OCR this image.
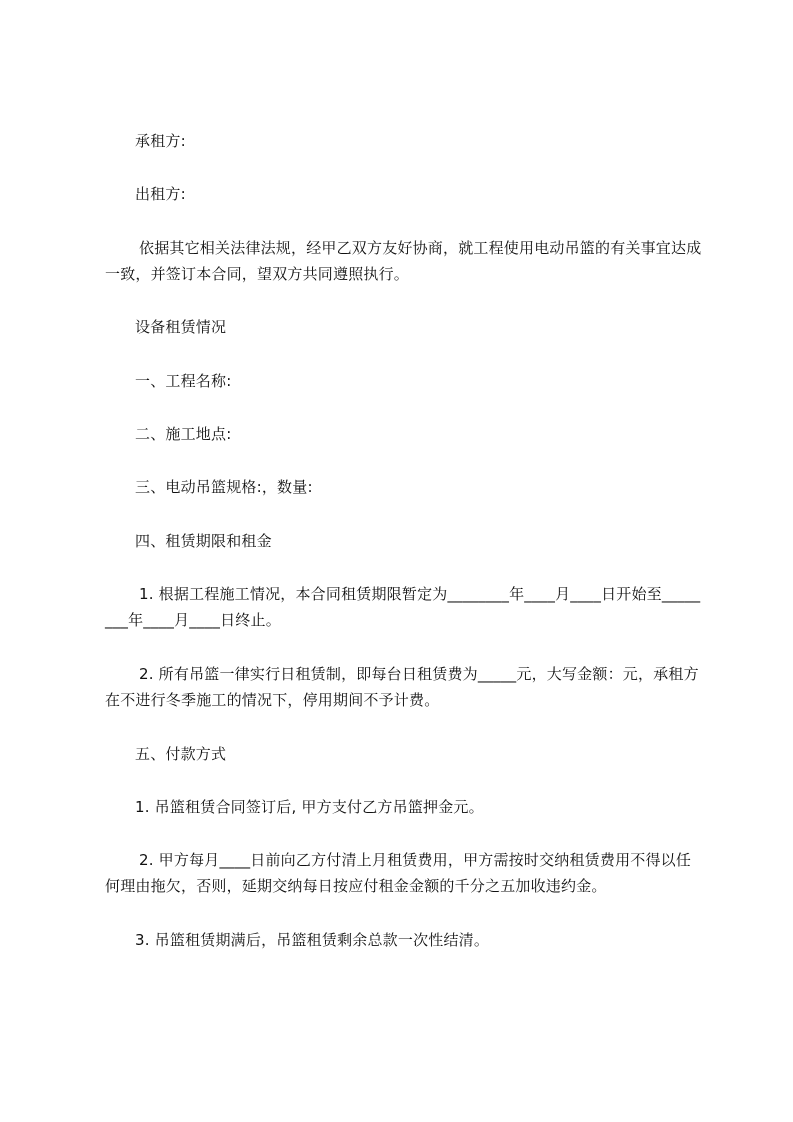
承租方:
出租方:
依据其它相关法律法规，经甲乙双方友好协商，就工程使用电动吊篮的有关事宜达成一致，并签订本合同，望双方共同遵照执行。
设备租赁情况
一、工程名称:
二、施工地点:
三、电动吊篮规格:，数量:
四、租赁期限和租金
1. 根据工程施工情况，本合同租赁期限暂定为________年____月____日开始至________年____月____日终止。
2. 所有吊篮一律实行日租赁制，即每台日租赁费为_____元，大写金额：元，承租方在不进行冬季施工的情况下，停用期间不予计费。
五、付款方式
1. 吊篮租赁合同签订后, 甲方支付乙方吊篮押金元。
2. 甲方每月____日前向乙方付清上月租赁费用，甲方需按时交纳租赁费用不得以任何理由拖欠，否则，延期交纳每日按应付租金金额的千分之五加收违约金。
3. 吊篮租赁期满后，吊篮租赁剩余总款一次性结清。
